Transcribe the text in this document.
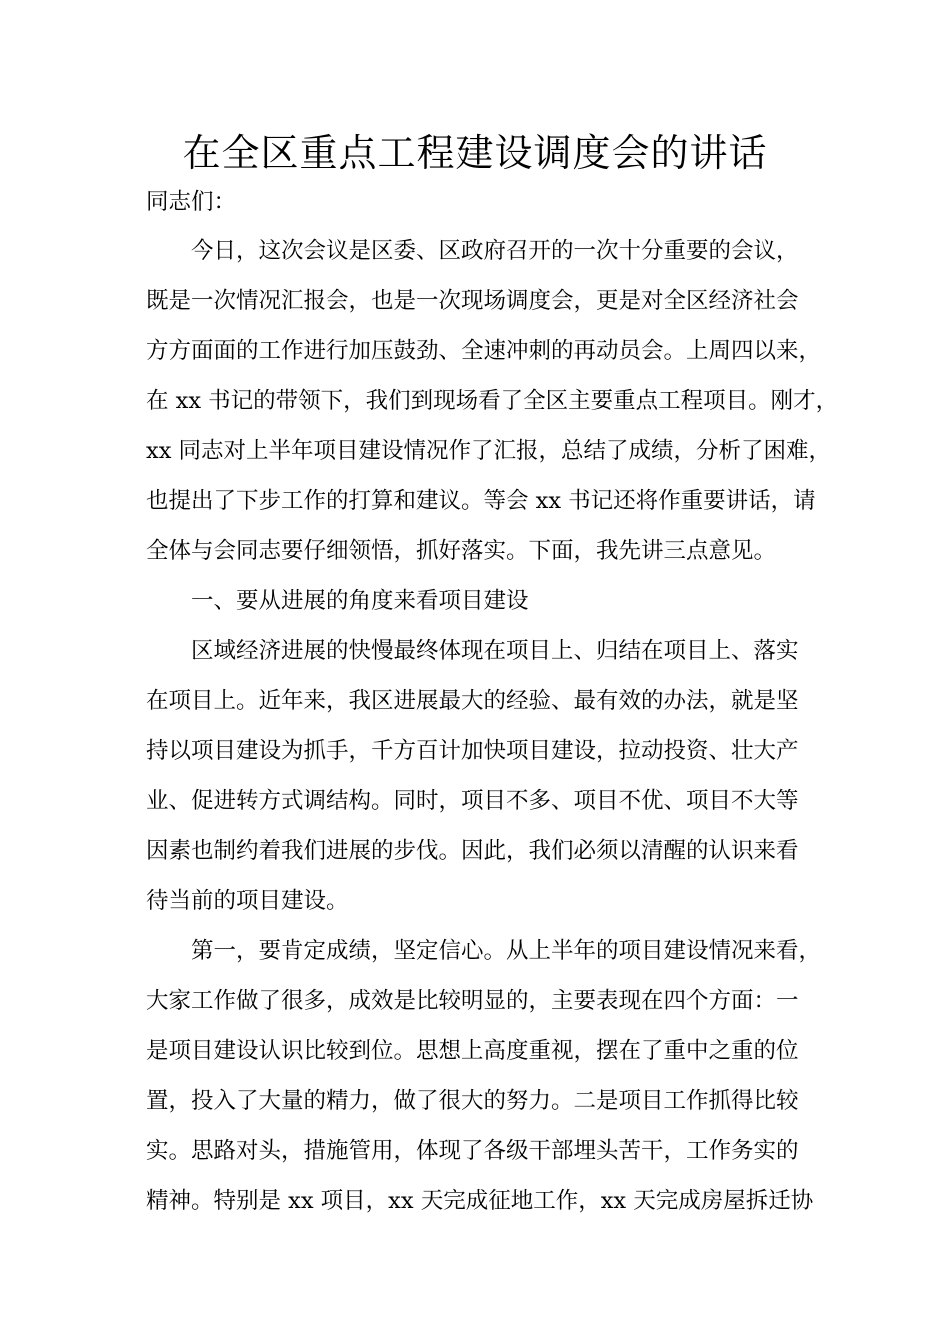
在全区重点工程建设调度会的讲话

同志们：

今日，这次会议是区委、区政府召开的一次十分重要的会议，

既是一次情况汇报会，也是一次现场调度会，更是对全区经济社会

方方面面的工作进行加压鼓劲、全速冲刺的再动员会。上周四以来，

在 xx 书记的带领下，我们到现场看了全区主要重点工程项目。刚才，

xx 同志对上半年项目建设情况作了汇报，总结了成绩，分析了困难，

也提出了下步工作的打算和建议。等会 xx 书记还将作重要讲话，请

全体与会同志要仔细领悟，抓好落实。下面，我先讲三点意见。

一、要从进展的角度来看项目建设

区域经济进展的快慢最终体现在项目上、归结在项目上、落实

在项目上。近年来，我区进展最大的经验、最有效的办法，就是坚

持以项目建设为抓手，千方百计加快项目建设，拉动投资、壮大产

业、促进转方式调结构。同时，项目不多、项目不优、项目不大等

因素也制约着我们进展的步伐。因此，我们必须以清醒的认识来看

待当前的项目建设。

第一，要肯定成绩，坚定信心。从上半年的项目建设情况来看，

大家工作做了很多，成效是比较明显的，主要表现在四个方面：一

是项目建设认识比较到位。思想上高度重视，摆在了重中之重的位

置，投入了大量的精力，做了很大的努力。二是项目工作抓得比较

实。思路对头，措施管用，体现了各级干部埋头苦干，工作务实的

精神。特别是 xx 项目，xx 天完成征地工作，xx 天完成房屋拆迁协
